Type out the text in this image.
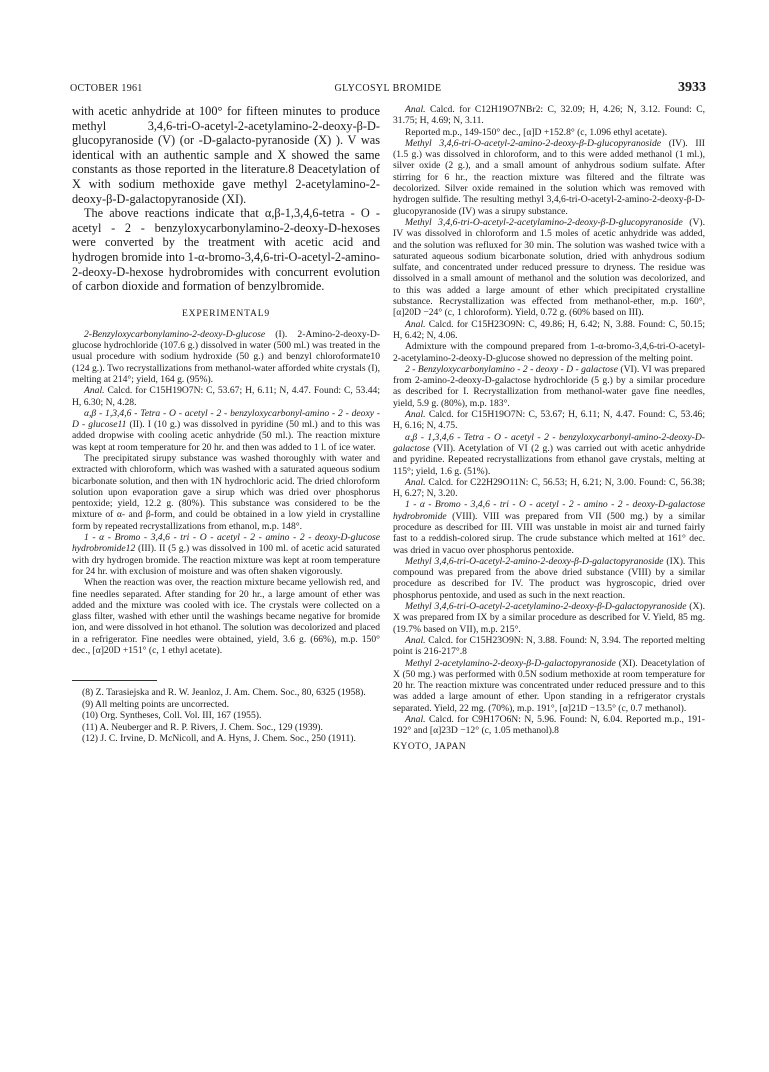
OCTOBER 1961	GLYCOSYL BROMIDE	3933

with acetic anhydride at 100° for fifteen minutes to produce methyl 3,4,6-tri-O-acetyl-2-acetylamino-2-deoxy-β-D-glucopyranoside (V) (or -D-galacto-pyranoside (X) ). V was identical with an authentic sample and X showed the same constants as those reported in the literature.8 Deacetylation of X with sodium methoxide gave methyl 2-acetylamino-2-deoxy-β-D-galactopyranoside (XI).

The above reactions indicate that α,β-1,3,4,6-tetra - O - acetyl - 2 - benzyloxycarbonylamino-2-deoxy-D-hexoses were converted by the treatment with acetic acid and hydrogen bromide into 1-α-bromo-3,4,6-tri-O-acetyl-2-amino-2-deoxy-D-hexose hydrobromides with concurrent evolution of carbon dioxide and formation of benzylbromide.

EXPERIMENTAL9

2-Benzyloxycarbonylamino-2-deoxy-D-glucose (I). 2-Amino-2-deoxy-D-glucose hydrochloride (107.6 g.) dissolved in water (500 ml.) was treated in the usual procedure with sodium hydroxide (50 g.) and benzyl chloroformate10 (124 g.). Two recrystallizations from methanol-water afforded white crystals (I), melting at 214°; yield, 164 g. (95%).

Anal. Calcd. for C15H19O7N: C, 53.67; H, 6.11; N, 4.47. Found: C, 53.44; H, 6.30; N, 4.28.

α,β - 1,3,4,6 - Tetra - O - acetyl - 2 - benzyloxycarbonyl-amino - 2 - deoxy - D - glucose11 (II). I (10 g.) was dissolved in pyridine (50 ml.) and to this was added dropwise with cooling acetic anhydride (50 ml.). The reaction mixture was kept at room temperature for 20 hr. and then was added to 1 l. of ice water.

The precipitated sirupy substance was washed thoroughly with water and extracted with chloroform, which was washed with a saturated aqueous sodium bicarbonate solution, and then with 1N hydrochloric acid. The dried chloroform solution upon evaporation gave a sirup which was dried over phosphorus pentoxide; yield, 12.2 g. (80%). This substance was considered to be the mixture of α- and β-form, and could be obtained in a low yield in crystalline form by repeated recrystallizations from ethanol, m.p. 148°.

1 - α - Bromo - 3,4,6 - tri - O - acetyl - 2 - amino - 2 - deoxy-D-glucose hydrobromide12 (III). II (5 g.) was dissolved in 100 ml. of acetic acid saturated with dry hydrogen bromide. The reaction mixture was kept at room temperature for 24 hr. with exclusion of moisture and was often shaken vigorously.

When the reaction was over, the reaction mixture became yellowish red, and fine needles separated. After standing for 20 hr., a large amount of ether was added and the mixture was cooled with ice. The crystals were collected on a glass filter, washed with ether until the washings became negative for bromide ion, and were dissolved in hot ethanol. The solution was decolorized and placed in a refrigerator. Fine needles were obtained, yield, 3.6 g. (66%), m.p. 150° dec., [α]20D +151° (c, 1 ethyl acetate).

(8) Z. Tarasiejska and R. W. Jeanloz, J. Am. Chem. Soc., 80, 6325 (1958).

(9) All melting points are uncorrected.

(10) Org. Syntheses, Coll. Vol. III, 167 (1955).

(11) A. Neuberger and R. P. Rivers, J. Chem. Soc., 129 (1939).

(12) J. C. Irvine, D. McNicoll, and A. Hyns, J. Chem. Soc., 250 (1911).

Anal. Calcd. for C12H19O7NBr2: C, 32.09; H, 4.26; N, 3.12. Found: C, 31.75; H, 4.69; N, 3.11.

Reported m.p., 149-150° dec., [α]D +152.8° (c, 1.096 ethyl acetate).

Methyl 3,4,6-tri-O-acetyl-2-amino-2-deoxy-β-D-glucopyranoside (IV). III (1.5 g.) was dissolved in chloroform, and to this were added methanol (1 ml.), silver oxide (2 g.), and a small amount of anhydrous sodium sulfate. After stirring for 6 hr., the reaction mixture was filtered and the filtrate was decolorized. Silver oxide remained in the solution which was removed with hydrogen sulfide. The resulting methyl 3,4,6-tri-O-acetyl-2-amino-2-deoxy-β-D-glucopyranoside (IV) was a sirupy substance.

Methyl 3,4,6-tri-O-acetyl-2-acetylamino-2-deoxy-β-D-glucopyranoside (V). IV was dissolved in chloroform and 1.5 moles of acetic anhydride was added, and the solution was refluxed for 30 min. The solution was washed twice with a saturated aqueous sodium bicarbonate solution, dried with anhydrous sodium sulfate, and concentrated under reduced pressure to dryness. The residue was dissolved in a small amount of methanol and the solution was decolorized, and to this was added a large amount of ether which precipitated crystalline substance. Recrystallization was effected from methanol-ether, m.p. 160°, [α]20D −24° (c, 1 chloroform). Yield, 0.72 g. (60% based on III).

Anal. Calcd. for C15H23O9N: C, 49.86; H, 6.42; N, 3.88. Found: C, 50.15; H, 6.42; N, 4.06.

Admixture with the compound prepared from 1-α-bromo-3,4,6-tri-O-acetyl-2-acetylamino-2-deoxy-D-glucose showed no depression of the melting point.

2 - Benzyloxycarbonylamino - 2 - deoxy - D - galactose (VI). VI was prepared from 2-amino-2-deoxy-D-galactose hydrochloride (5 g.) by a similar procedure as described for I. Recrystallization from methanol-water gave fine needles, yield, 5.9 g. (80%), m.p. 183°.

Anal. Calcd. for C15H19O7N: C, 53.67; H, 6.11; N, 4.47. Found: C, 53.46; H, 6.16; N, 4.75.

α,β - 1,3,4,6 - Tetra - O - acetyl - 2 - benzyloxycarbonyl-amino-2-deoxy-D-galactose (VII). Acetylation of VI (2 g.) was carried out with acetic anhydride and pyridine. Repeated recrystallizations from ethanol gave crystals, melting at 115°; yield, 1.6 g. (51%).

Anal. Calcd. for C22H29O11N: C, 56.53; H, 6.21; N, 3.00. Found: C, 56.38; H, 6.27; N, 3.20.

1 - α - Bromo - 3,4,6 - tri - O - acetyl - 2 - amino - 2 - deoxy-D-galactose hydrobromide (VIII). VIII was prepared from VII (500 mg.) by a similar procedure as described for III. VIII was unstable in moist air and turned fairly fast to a reddish-colored sirup. The crude substance which melted at 161° dec. was dried in vacuo over phosphorus pentoxide.

Methyl 3,4,6-tri-O-acetyl-2-amino-2-deoxy-β-D-galactopyranoside (IX). This compound was prepared from the above dried substance (VIII) by a similar procedure as described for IV. The product was hygroscopic, dried over phosphorus pentoxide, and used as such in the next reaction.

Methyl 3,4,6-tri-O-acetyl-2-acetylamino-2-deoxy-β-D-galactopyranoside (X). X was prepared from IX by a similar procedure as described for V. Yield, 85 mg. (19.7% based on VII), m.p. 215°.

Anal. Calcd. for C15H23O9N: N, 3.88. Found: N, 3.94. The reported melting point is 216-217°.8

Methyl 2-acetylamino-2-deoxy-β-D-galactopyranoside (XI). Deacetylation of X (50 mg.) was performed with 0.5N sodium methoxide at room temperature for 20 hr. The reaction mixture was concentrated under reduced pressure and to this was added a large amount of ether. Upon standing in a refrigerator crystals separated. Yield, 22 mg. (70%), m.p. 191°, [α]21D −13.5° (c, 0.7 methanol).

Anal. Calcd. for C9H17O6N: N, 5.96. Found: N, 6.04. Reported m.p., 191-192° and [α]23D −12° (c, 1.05 methanol).8

KYOTO, JAPAN
